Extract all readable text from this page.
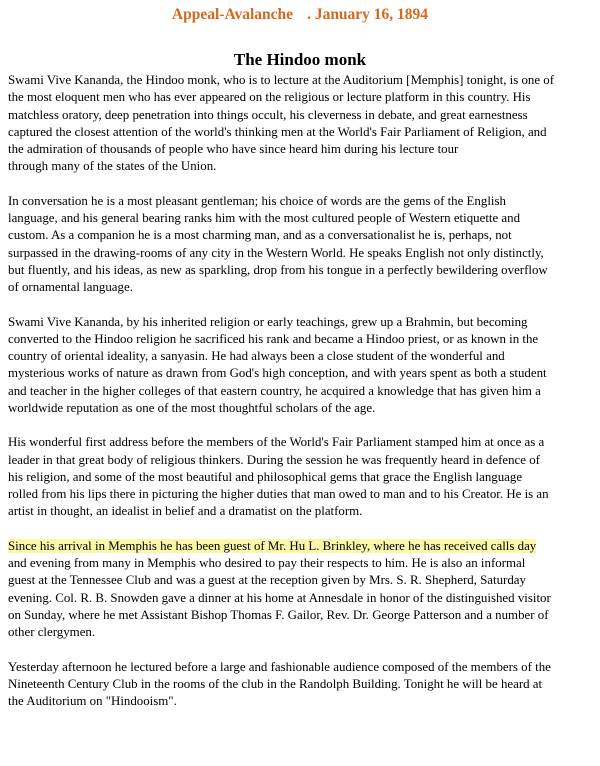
Appeal-Avalanche . January 16, 1894
The Hindoo monk

Swami Vive Kananda, the Hindoo monk, who is to lecture at the Auditorium [Memphis] tonight, is one of
the most eloquent men who has ever appeared on the religious or lecture platform in this country. His
matchless oratory, deep penetration into things occult, his cleverness in debate, and great earnestness
captured the closest attention of the world's thinking men at the World's Fair Parliament of Religion, and
the admiration of thousands of people who have since heard him during his lecture tour
through many of the states of the Union.

In conversation he is a most pleasant gentleman; his choice of words are the gems of the English
language, and his general bearing ranks him with the most cultured people of Western etiquette and
custom. As a companion he is a most charming man, and as a conversationalist he is, perhaps, not
surpassed in the drawing-rooms of any city in the Western World. He speaks English not only distinctly,
but fluently, and his ideas, as new as sparkling, drop from his tongue in a perfectly bewildering overflow
of ornamental language.

Swami Vive Kananda, by his inherited religion or early teachings, grew up a Brahmin, but becoming
converted to the Hindoo religion he sacrificed his rank and became a Hindoo priest, or as known in the
country of oriental ideality, a sanyasin. He had always been a close student of the wonderful and
mysterious works of nature as drawn from God's high conception, and with years spent as both a student
and teacher in the higher colleges of that eastern country, he acquired a knowledge that has given him a
worldwide reputation as one of the most thoughtful scholars of the age.

His wonderful first address before the members of the World's Fair Parliament stamped him at once as a
leader in that great body of religious thinkers. During the session he was frequently heard in defence of
his religion, and some of the most beautiful and philosophical gems that grace the English language
rolled from his lips there in picturing the higher duties that man owed to man and to his Creator. He is an
artist in thought, an idealist in belief and a dramatist on the platform.

Since his arrival in Memphis he has been guest of Mr. Hu L. Brinkley, where he has received calls day
and evening from many in Memphis who desired to pay their respects to him. He is also an informal
guest at the Tennessee Club and was a guest at the reception given by Mrs. S. R. Shepherd, Saturday
evening. Col. R. B. Snowden gave a dinner at his home at Annesdale in honor of the distinguished visitor
on Sunday, where he met Assistant Bishop Thomas F. Gailor, Rev. Dr. George Patterson and a number of
other clergymen.

Yesterday afternoon he lectured before a large and fashionable audience composed of the members of the
Nineteenth Century Club in the rooms of the club in the Randolph Building. Tonight he will be heard at
the Auditorium on "Hindooism".
